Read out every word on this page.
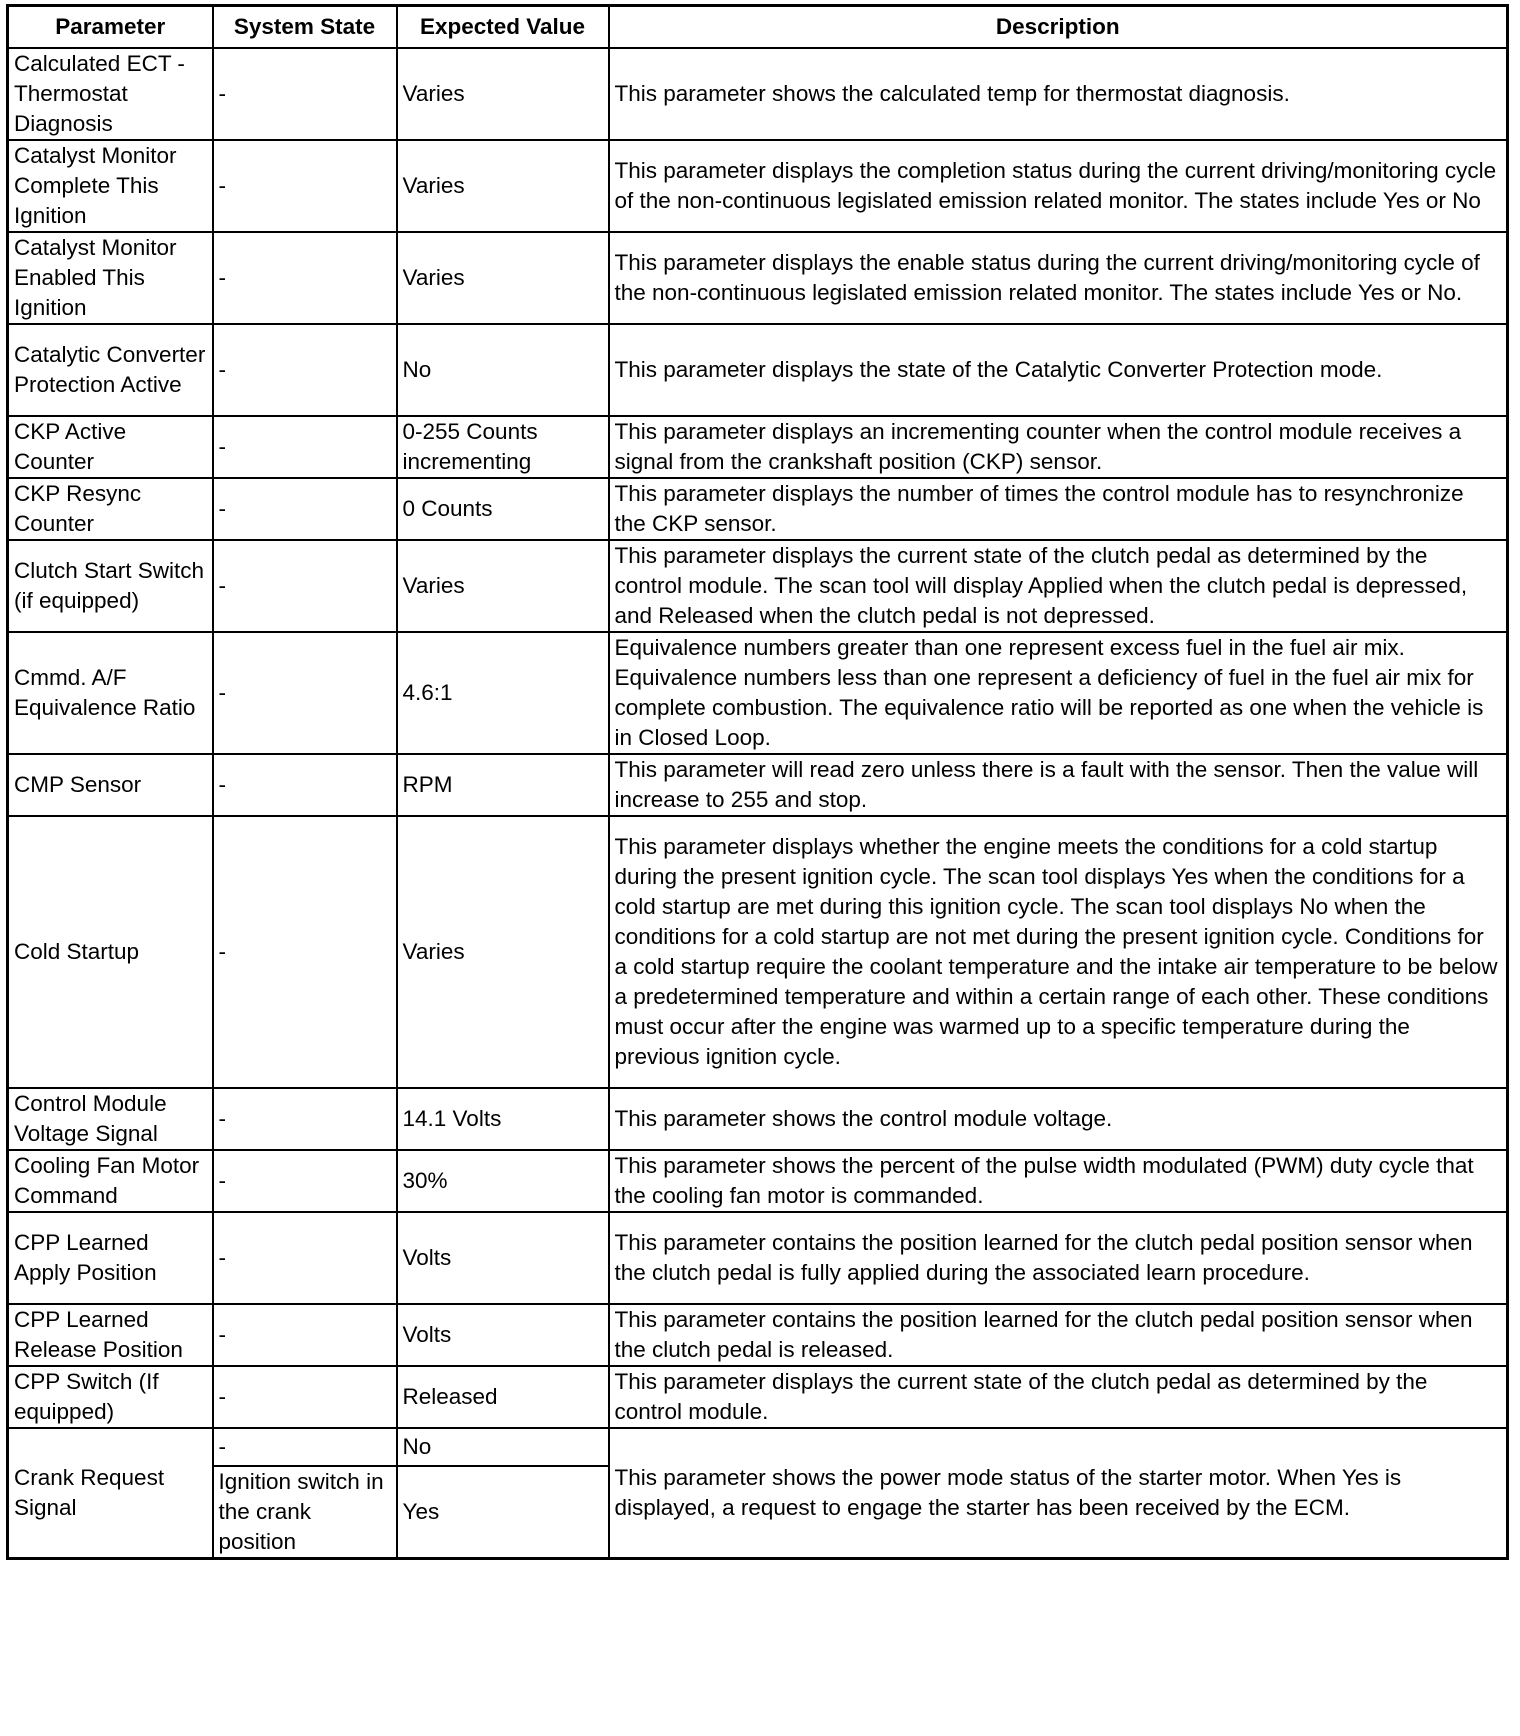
Parameter	System State	Expected Value	Description
Calculated ECT - Thermostat Diagnosis	-	Varies	This parameter shows the calculated temp for thermostat diagnosis.
Catalyst Monitor Complete This Ignition	-	Varies	This parameter displays the completion status during the current driving/monitoring cycle of the non-continuous legislated emission related monitor. The states include Yes or No
Catalyst Monitor Enabled This Ignition	-	Varies	This parameter displays the enable status during the current driving/monitoring cycle of the non-continuous legislated emission related monitor. The states include Yes or No.
Catalytic Converter Protection Active	-	No	This parameter displays the state of the Catalytic Converter Protection mode.
CKP Active Counter	-	0-255 Counts incrementing	This parameter displays an incrementing counter when the control module receives a signal from the crankshaft position (CKP) sensor.
CKP Resync Counter	-	0 Counts	This parameter displays the number of times the control module has to resynchronize the CKP sensor.
Clutch Start Switch (if equipped)	-	Varies	This parameter displays the current state of the clutch pedal as determined by the control module. The scan tool will display Applied when the clutch pedal is depressed, and Released when the clutch pedal is not depressed.
Cmmd. A/F Equivalence Ratio	-	4.6:1	Equivalence numbers greater than one represent excess fuel in the fuel air mix. Equivalence numbers less than one represent a deficiency of fuel in the fuel air mix for complete combustion. The equivalence ratio will be reported as one when the vehicle is in Closed Loop.
CMP Sensor	-	RPM	This parameter will read zero unless there is a fault with the sensor. Then the value will increase to 255 and stop.
Cold Startup	-	Varies	This parameter displays whether the engine meets the conditions for a cold startup during the present ignition cycle. The scan tool displays Yes when the conditions for a cold startup are met during this ignition cycle. The scan tool displays No when the conditions for a cold startup are not met during the present ignition cycle. Conditions for a cold startup require the coolant temperature and the intake air temperature to be below a predetermined temperature and within a certain range of each other. These conditions must occur after the engine was warmed up to a specific temperature during the previous ignition cycle.
Control Module Voltage Signal	-	14.1 Volts	This parameter shows the control module voltage.
Cooling Fan Motor Command	-	30%	This parameter shows the percent of the pulse width modulated (PWM) duty cycle that the cooling fan motor is commanded.
CPP Learned Apply Position	-	Volts	This parameter contains the position learned for the clutch pedal position sensor when the clutch pedal is fully applied during the associated learn procedure.
CPP Learned Release Position	-	Volts	This parameter contains the position learned for the clutch pedal position sensor when the clutch pedal is released.
CPP Switch (If equipped)	-	Released	This parameter displays the current state of the clutch pedal as determined by the control module.
Crank Request Signal	-	No	This parameter shows the power mode status of the starter motor. When Yes is displayed, a request to engage the starter has been received by the ECM.
	Ignition switch in the crank position	Yes	
